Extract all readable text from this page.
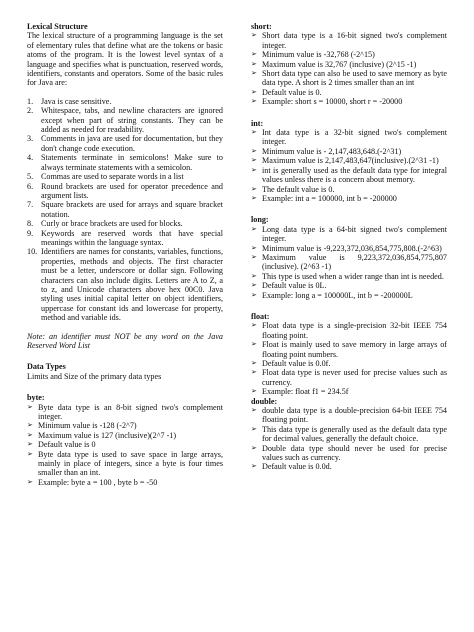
Lexical Structure

The lexical structure of a programming language is the set of elementary rules that define what are the tokens or basic atoms of the program. It is the lowest level syntax of a language and specifies what is punctuation, reserved words, identifiers, constants and operators. Some of the basic rules for Java are:

1. Java is case sensitive.
2. Whitespace, tabs, and newline characters are ignored except when part of string constants. They can be added as needed for readability.
3. Comments in java are used for documentation, but they don't change code execution.
4. Statements terminate in semicolons! Make sure to always terminate statements with a semicolon.
5. Commas are used to separate words in a list
6. Round brackets are used for operator precedence and argument lists.
7. Square brackets are used for arrays and square bracket notation.
8. Curly or brace brackets are used for blocks.
9. Keywords are reserved words that have special meanings within the language syntax.
10. Identifiers are names for constants, variables, functions, properties, methods and objects. The first character must be a letter, underscore or dollar sign. Following characters can also include digits. Letters are A to Z, a to z, and Unicode characters above hex 00C0. Java styling uses initial capital letter on object identifiers, uppercase for constant ids and lowercase for property, method and variable ids.

Note: an identifier must NOT be any word on the Java Reserved Word List

Data Types

Limits and Size of the primary data types

byte:
➢ Byte data type is an 8-bit signed two's complement integer.
➢ Minimum value is -128 (-2^7)
➢ Maximum value is 127 (inclusive)(2^7 -1)
➢ Default value is 0
➢ Byte data type is used to save space in large arrays, mainly in place of integers, since a byte is four times smaller than an int.
➢ Example: byte a = 100 , byte b = -50
short:
➢ Short data type is a 16-bit signed two's complement integer.
➢ Minimum value is -32,768 (-2^15)
➢ Maximum value is 32,767 (inclusive) (2^15 -1)
➢ Short data type can also be used to save memory as byte data type. A short is 2 times smaller than an int
➢ Default value is 0.
➢ Example: short s = 10000, short r = -20000
int:
➢ Int data type is a 32-bit signed two's complement integer.
➢ Minimum value is - 2,147,483,648.(-2^31)
➢ Maximum value is 2,147,483,647(inclusive).(2^31 -1)
➢ int is generally used as the default data type for integral values unless there is a concern about memory.
➢ The default value is 0.
➢ Example: int a = 100000, int b = -200000
long:
➢ Long data type is a 64-bit signed two's complement integer.
➢ Minimum value is -9,223,372,036,854,775,808.(-2^63)
➢ Maximum value is 9,223,372,036,854,775,807 (inclusive). (2^63 -1)
➢ This type is used when a wider range than int is needed.
➢ Default value is 0L.
➢ Example: long a = 100000L, int b = -200000L
float:
➢ Float data type is a single-precision 32-bit IEEE 754 floating point.
➢ Float is mainly used to save memory in large arrays of floating point numbers.
➢ Default value is 0.0f.
➢ Float data type is never used for precise values such as currency.
➢ Example: float f1 = 234.5f
double:
➢ double data type is a double-precision 64-bit IEEE 754 floating point.
➢ This data type is generally used as the default data type for decimal values, generally the default choice.
➢ Double data type should never be used for precise values such as currency.
➢ Default value is 0.0d.
